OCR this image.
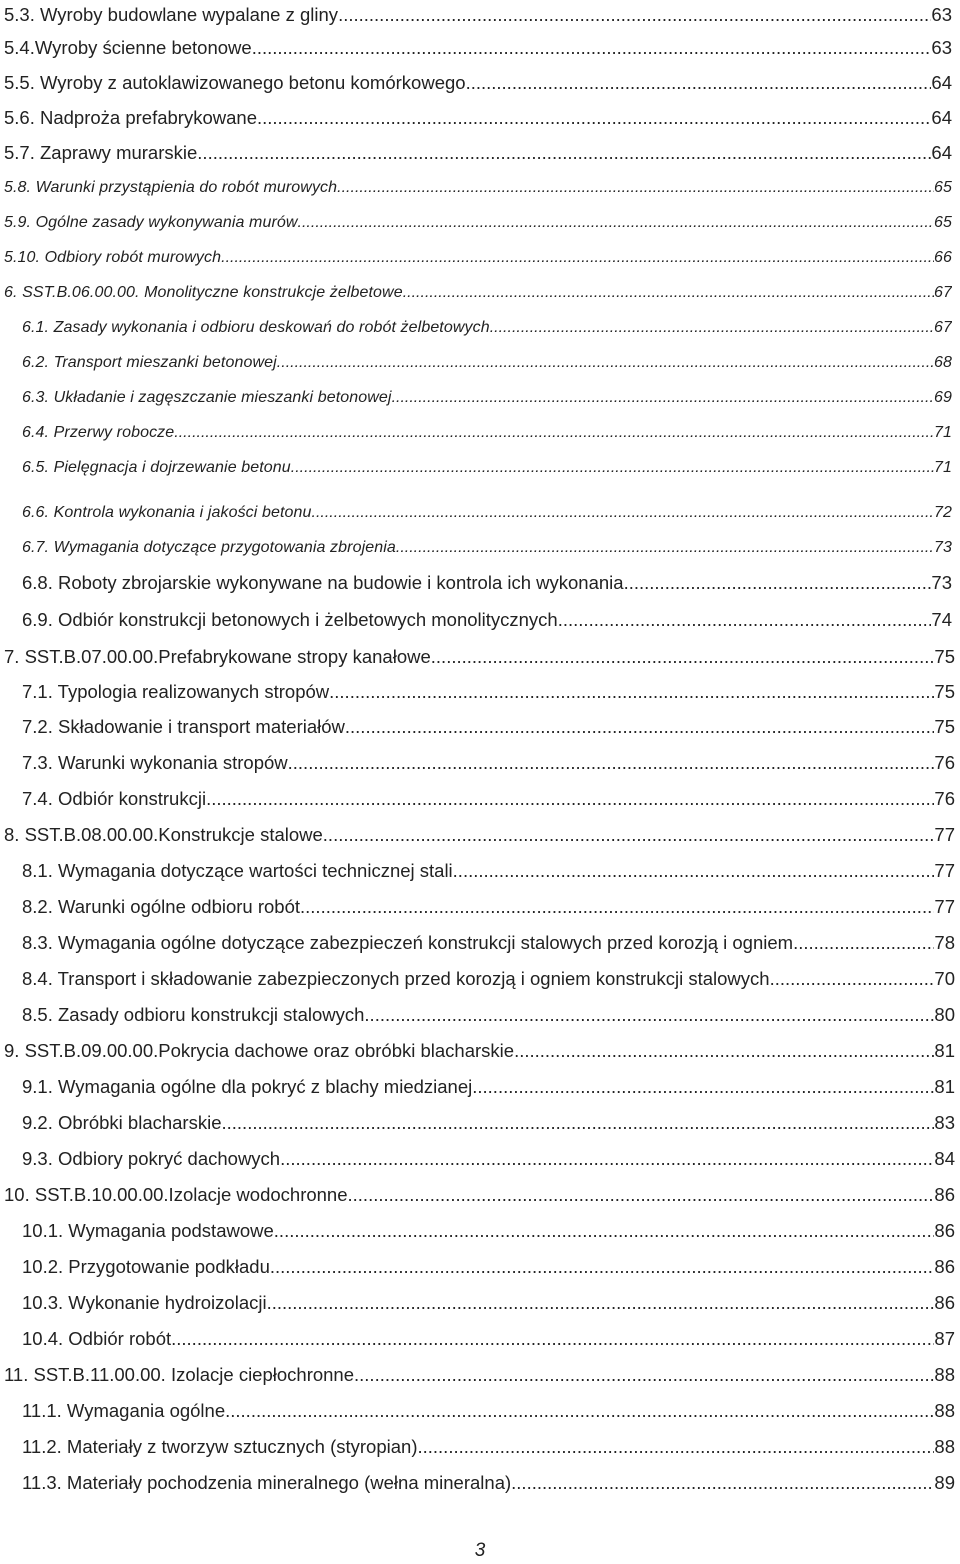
5.3. Wyroby budowlane wypalane z gliny .....	63
5.4.Wyroby ścienne betonowe .....	63
5.5. Wyroby z autoklawizowanego betonu komórkowego .....	64
5.6. Nadproża prefabrykowane .....	64
5.7. Zaprawy murarskie .....	64
5.8. Warunki przystąpienia do robót murowych .....	65
5.9. Ogólne zasady wykonywania murów .....	65
5.10. Odbiory robót murowych .....	66
6. SST.B.06.00.00. Monolityczne konstrukcje żelbetowe .....	67
6.1. Zasady wykonania i odbioru deskowań do robót żelbetowych .....	67
6.2. Transport mieszanki betonowej .....	68
6.3. Układanie i zagęszczanie mieszanki betonowej .....	69
6.4. Przerwy robocze .....	71
6.5. Pielęgnacja i dojrzewanie betonu .....	71
6.6. Kontrola wykonania i jakości betonu .....	72
6.7. Wymagania dotyczące przygotowania zbrojenia .....	73
6.8. Roboty zbrojarskie wykonywane na budowie i kontrola ich wykonania .....	73
6.9. Odbiór konstrukcji betonowych i żelbetowych monolitycznych .....	74
7. SST.B.07.00.00.Prefabrykowane stropy kanałowe .....	75
7.1. Typologia realizowanych stropów .....	75
7.2. Składowanie i transport materiałów .....	75
7.3. Warunki wykonania stropów .....	76
7.4. Odbiór konstrukcji .....	76
8. SST.B.08.00.00.Konstrukcje stalowe .....	77
8.1. Wymagania dotyczące wartości technicznej stali .....	77
8.2. Warunki ogólne odbioru robót .....	77
8.3. Wymagania ogólne dotyczące zabezpieczeń konstrukcji stalowych przed korozją i ogniem .....	78
8.4. Transport i składowanie zabezpieczonych przed korozją i ogniem konstrukcji stalowych .....	70
8.5. Zasady odbioru konstrukcji stalowych .....	80
9. SST.B.09.00.00.Pokrycia dachowe oraz obróbki blacharskie .....	81
9.1. Wymagania ogólne dla pokryć z blachy miedzianej .....	81
9.2. Obróbki blacharskie .....	83
9.3. Odbiory pokryć dachowych .....	84
10. SST.B.10.00.00.Izolacje wodochronne .....	86
10.1. Wymagania podstawowe .....	86
10.2. Przygotowanie podkładu .....	86
10.3. Wykonanie hydroizolacji .....	86
10.4. Odbiór robót .....	87
11. SST.B.11.00.00. Izolacje ciepłochronne .....	88
11.1. Wymagania ogólne .....	88
11.2. Materiały z tworzyw sztucznych (styropian) .....	88
11.3. Materiały pochodzenia mineralnego (wełna mineralna) .....	89
3
